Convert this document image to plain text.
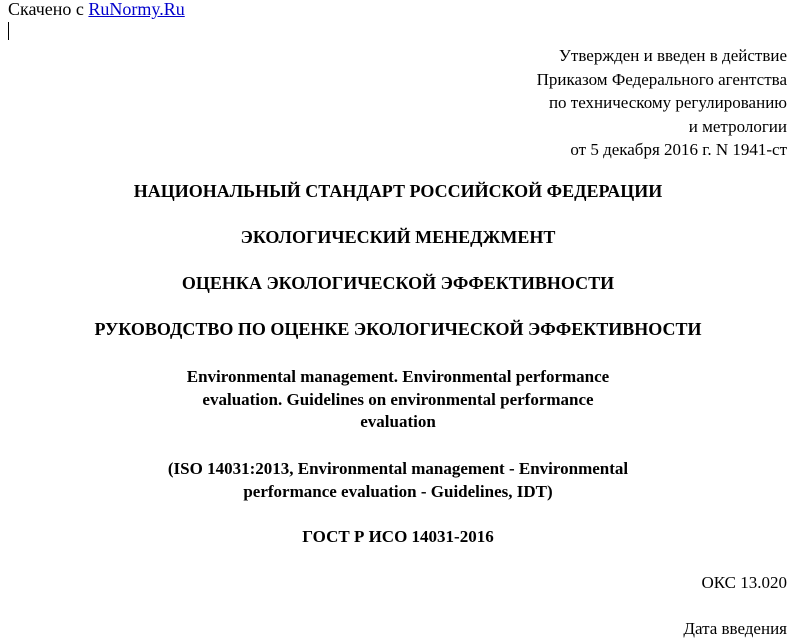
Скачено с RuNormy.Ru
Утвержден и введен в действие
Приказом Федерального агентства
по техническому регулированию
и метрологии
от 5 декабря 2016 г. N 1941-ст
НАЦИОНАЛЬНЫЙ СТАНДАРТ РОССИЙСКОЙ ФЕДЕРАЦИИ
ЭКОЛОГИЧЕСКИЙ МЕНЕДЖМЕНТ
ОЦЕНКА ЭКОЛОГИЧЕСКОЙ ЭФФЕКТИВНОСТИ
РУКОВОДСТВО ПО ОЦЕНКЕ ЭКОЛОГИЧЕСКОЙ ЭФФЕКТИВНОСТИ
Environmental management. Environmental performance
evaluation. Guidelines on environmental performance
evaluation
(ISO 14031:2013, Environmental management - Environmental
performance evaluation - Guidelines, IDT)
ГОСТ Р ИСО 14031-2016
ОКС 13.020
Дата введения
